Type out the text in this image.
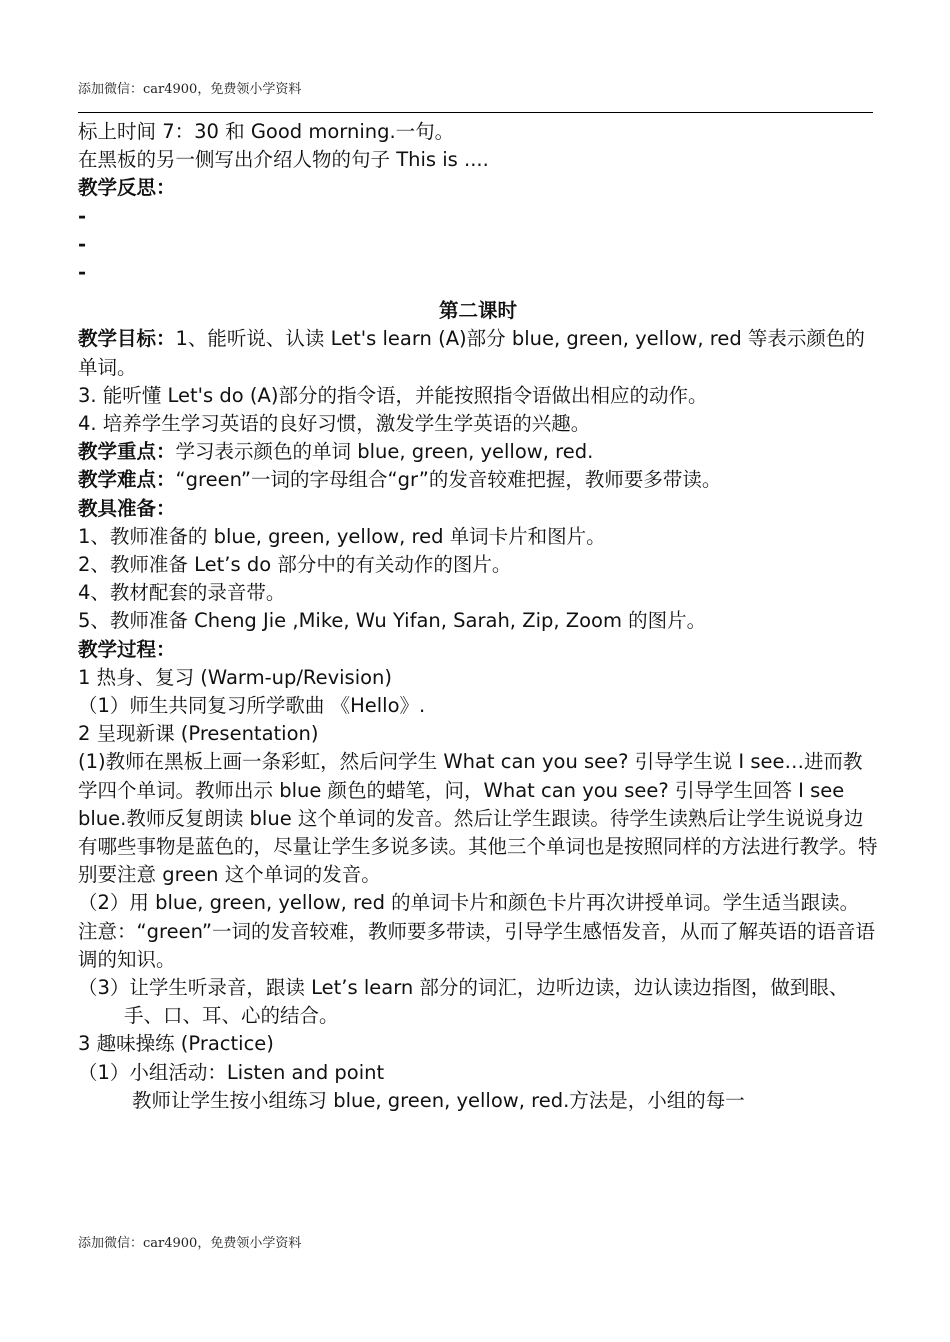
添加微信：car4900，免费领小学资料
标上时间 7：30 和 Good morning.一句。
在黑板的另一侧写出介绍人物的句子 This is ....
教学反思：
-
-
-
第二课时
教学目标：1、能听说、认读 Let's learn (A)部分 blue, green, yellow, red 等表示颜色的单词。
3. 能听懂 Let's do (A)部分的指令语，并能按照指令语做出相应的动作。
4. 培养学生学习英语的良好习惯，激发学生学英语的兴趣。
教学重点：学习表示颜色的单词 blue, green, yellow, red.
教学难点：“green”一词的字母组合“gr”的发音较难把握，教师要多带读。
教具准备：
1、教师准备的 blue, green, yellow, red 单词卡片和图片。
2、教师准备 Let’s do 部分中的有关动作的图片。
4、教材配套的录音带。
5、教师准备 Cheng Jie ,Mike, Wu Yifan, Sarah, Zip, Zoom 的图片。
教学过程：
1 热身、复习 (Warm-up/Revision)
（1）师生共同复习所学歌曲 《Hello》.
2 呈现新课 (Presentation)
(1)教师在黑板上画一条彩虹，然后问学生 What can you see? 引导学生说 I see…进而教学四个单词。教师出示 blue 颜色的蜡笔，问，What can you see? 引导学生回答 I see blue.教师反复朗读 blue 这个单词的发音。然后让学生跟读。待学生读熟后让学生说说身边有哪些事物是蓝色的，尽量让学生多说多读。其他三个单词也是按照同样的方法进行教学。特别要注意 green 这个单词的发音。
（2）用 blue, green, yellow, red 的单词卡片和颜色卡片再次讲授单词。学生适当跟读。
注意：“green”一词的发音较难，教师要多带读，引导学生感悟发音，从而了解英语的语音语调的知识。
（3）让学生听录音，跟读 Let’s learn 部分的词汇，边听边读，边认读边指图，做到眼、手、口、耳、心的结合。
3 趣味操练 (Practice)
（1）小组活动：Listen and point
教师让学生按小组练习 blue, green, yellow, red.方法是，小组的每一
添加微信：car4900，免费领小学资料
